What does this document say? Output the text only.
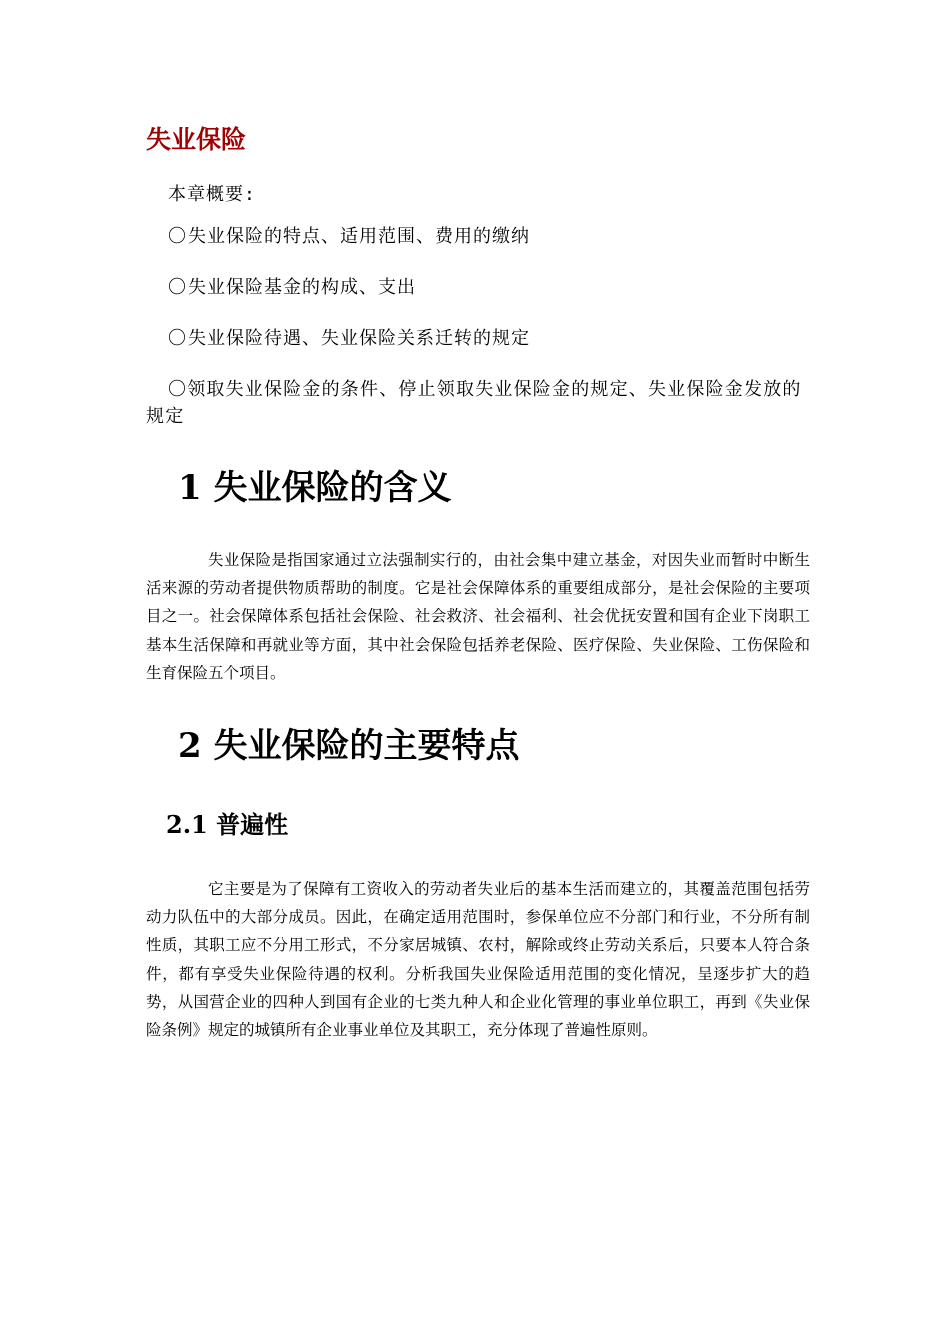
失业保险
本章概要:
〇失业保险的特点、适用范围、费用的缴纳
〇失业保险基金的构成、支出
〇失业保险待遇、失业保险关系迁转的规定
〇领取失业保险金的条件、停止领取失业保险金的规定、失业保险金发放的规定
1 失业保险的含义

失业保险是指国家通过立法强制实行的，由社会集中建立基金，对因失业而暂时中断生活来源的劳动者提供物质帮助的制度。它是社会保障体系的重要组成部分，是社会保险的主要项目之一。社会保障体系包括社会保险、社会救济、社会福利、社会优抚安置和国有企业下岗职工基本生活保障和再就业等方面，其中社会保险包括养老保险、医疗保险、失业保险、工伤保险和生育保险五个项目。

2 失业保险的主要特点
2.1 普遍性

它主要是为了保障有工资收入的劳动者失业后的基本生活而建立的，其覆盖范围包括劳动力队伍中的大部分成员。因此，在确定适用范围时，参保单位应不分部门和行业，不分所有制性质，其职工应不分用工形式，不分家居城镇、农村，解除或终止劳动关系后，只要本人符合条件，都有享受失业保险待遇的权利。分析我国失业保险适用范围的变化情况，呈逐步扩大的趋势，从国营企业的四种人到国有企业的七类九种人和企业化管理的事业单位职工，再到《失业保险条例》规定的城镇所有企业事业单位及其职工，充分体现了普遍性原则。
